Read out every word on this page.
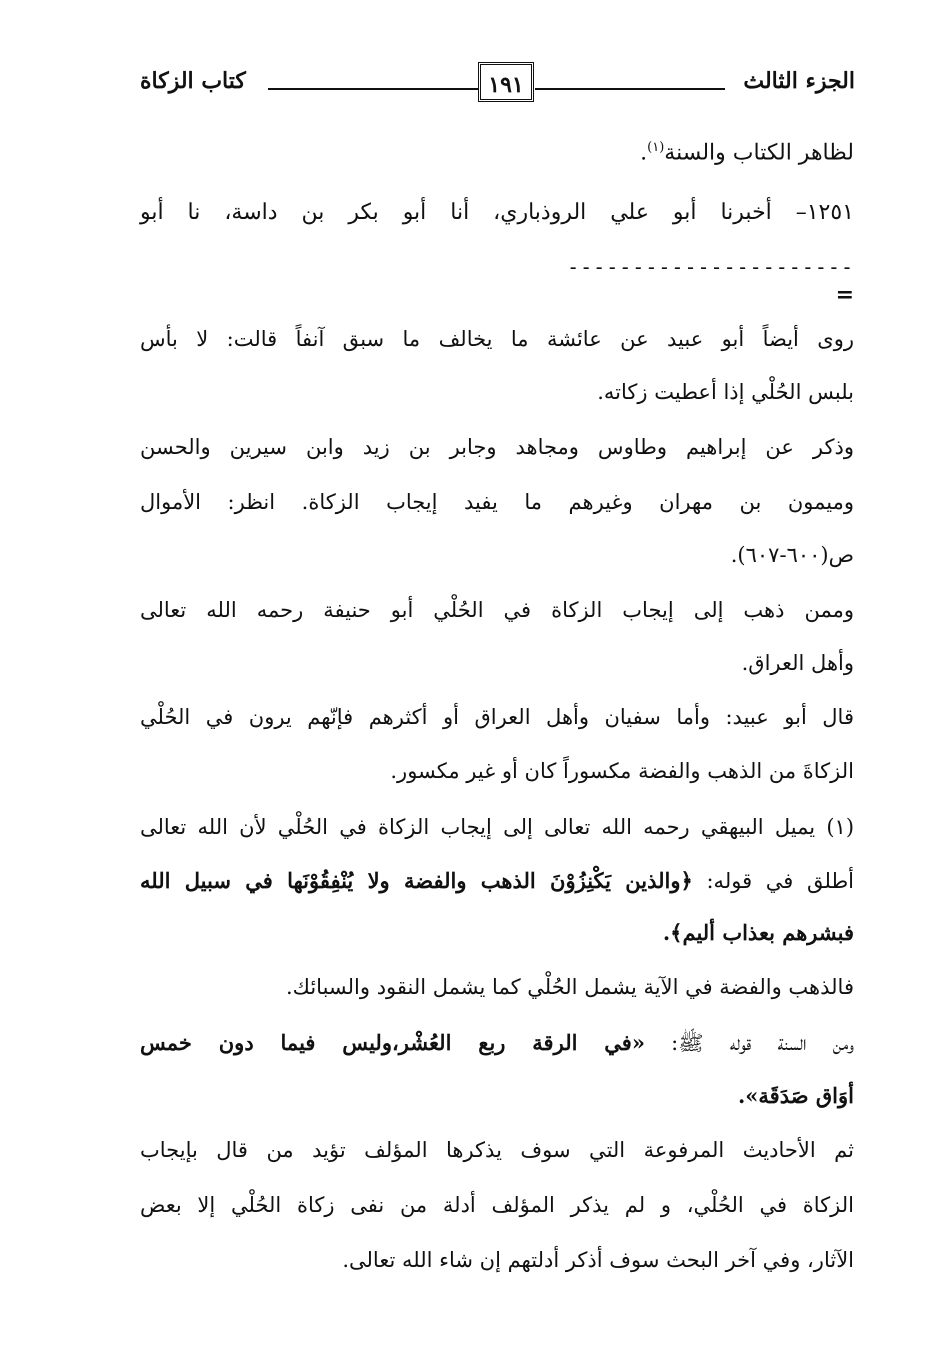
الجزء الثالث
١٩١
كتاب الزكاة
لظاهر الكتاب والسنة$^{(١)}$.
١٢٥١– أخبرنا أبو علي الروذباري، أنا أبو بكر بن داسة، نا أبو
----------------------
=
روى أيضاً أبو عبيد عن عائشة ما يخالف ما سبق آنفاً قالت: لا بأس
بلبس الحُلْي إذا أعطيت زكاته.
وذكر عن إبراهيم وطاوس ومجاهد وجابر بن زيد وابن سيرين والحسن
وميمون بن مهران وغيرهم ما يفيد إيجاب الزكاة. انظر: الأموال
ص(٦٠٠-٦٠٧).
وممن ذهب إلى إيجاب الزكاة في الحُلْي أبو حنيفة رحمه الله تعالى
وأهل العراق.
قال أبو عبيد: وأما سفيان وأهل العراق أو أكثرهم فإنّهم يرون في الحُلْي
الزكاةَ من الذهب والفضة مكسوراً كان أو غير مكسور.
(١) يميل البيهقي رحمه الله تعالى إلى إيجاب الزكاة في الحُلْي لأن الله تعالى
أطلق في قوله: ﴿والذين يَكْنِزُوْنَ الذهب والفضة ولا يُنْفِقُوْنَها في سبيل الله
فبشرهم بعذاب أليم﴾.
فالذهب والفضة في الآية يشمل الحُلْي كما يشمل النقود والسبائك.
ومن السنة قوله ﷺ: «في الرقة ربع العُشْر،وليس فيما دون خمس
أوَاق صَدَقَة».
ثم الأحاديث المرفوعة التي سوف يذكرها المؤلف تؤيد من قال بإيجاب
الزكاة في الحُلْي، و لم يذكر المؤلف أدلة من نفى زكاة الحُلْي إلا بعض
الآثار، وفي آخر البحث سوف أذكر أدلتهم إن شاء الله تعالى.
